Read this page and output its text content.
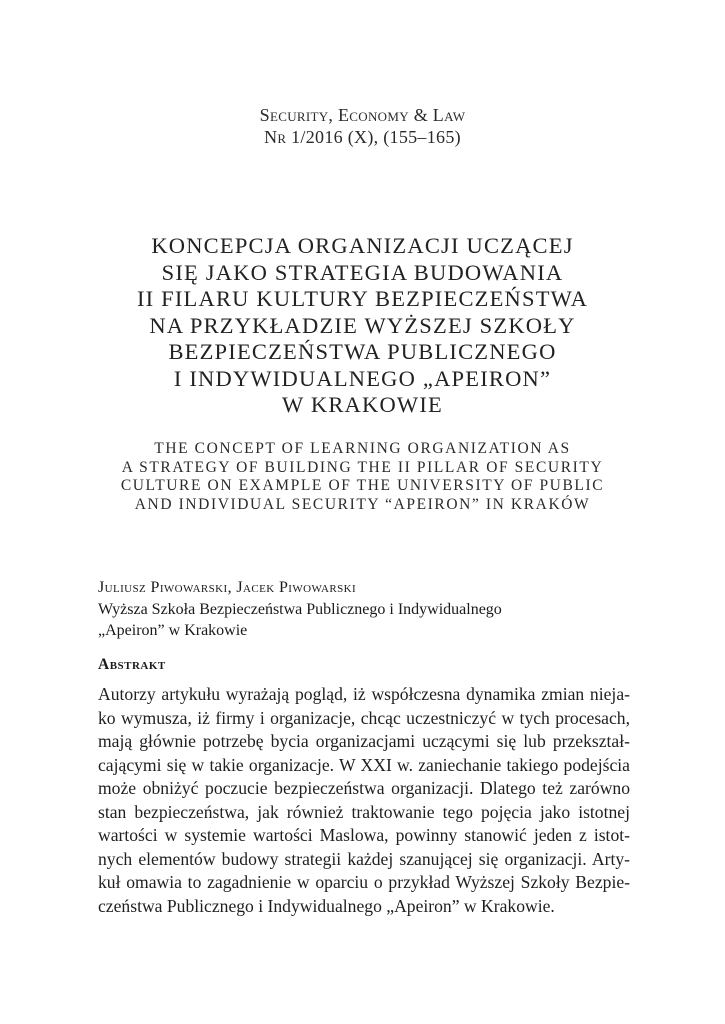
Security, Economy & Law
Nr 1/2016 (X), (155–165)
KONCEPCJA ORGANIZACJI UCZĄCEJ
SIĘ JAKO STRATEGIA BUDOWANIA
II FILARU KULTURY BEZPIECZEŃSTWA
NA PRZYKŁADZIE WYŻSZEJ SZKOŁY
BEZPIECZEŃSTWA PUBLICZNEGO
I INDYWIDUALNEGO „APEIRON”
W KRAKOWIE
THE CONCEPT OF LEARNING ORGANIZATION AS
A STRATEGY OF BUILDING THE II PILLAR OF SECURITY
CULTURE ON EXAMPLE OF THE UNIVERSITY OF PUBLIC
AND INDIVIDUAL SECURITY “APEIRON” IN KRAKÓW
Juliusz Piwowarski, Jacek Piwowarski
Wyższa Szkoła Bezpieczeństwa Publicznego i Indywidualnego
„Apeiron” w Krakowie
Abstrakt
Autorzy artykułu wyrażają pogląd, iż współczesna dynamika zmian nieja-
ko wymusza, iż firmy i organizacje, chcąc uczestniczyć w tych procesach,
mają głównie potrzebę bycia organizacjami uczącymi się lub przekształ-
cającymi się w takie organizacje. W XXI w. zaniechanie takiego podejścia
może obniżyć poczucie bezpieczeństwa organizacji. Dlatego też zarówno
stan bezpieczeństwa, jak również traktowanie tego pojęcia jako istotnej
wartości w systemie wartości Maslowa, powinny stanowić jeden z istot-
nych elementów budowy strategii każdej szanującej się organizacji. Arty-
kuł omawia to zagadnienie w oparciu o przykład Wyższej Szkoły Bezpie-
czeństwa Publicznego i Indywidualnego „Apeiron” w Krakowie.
